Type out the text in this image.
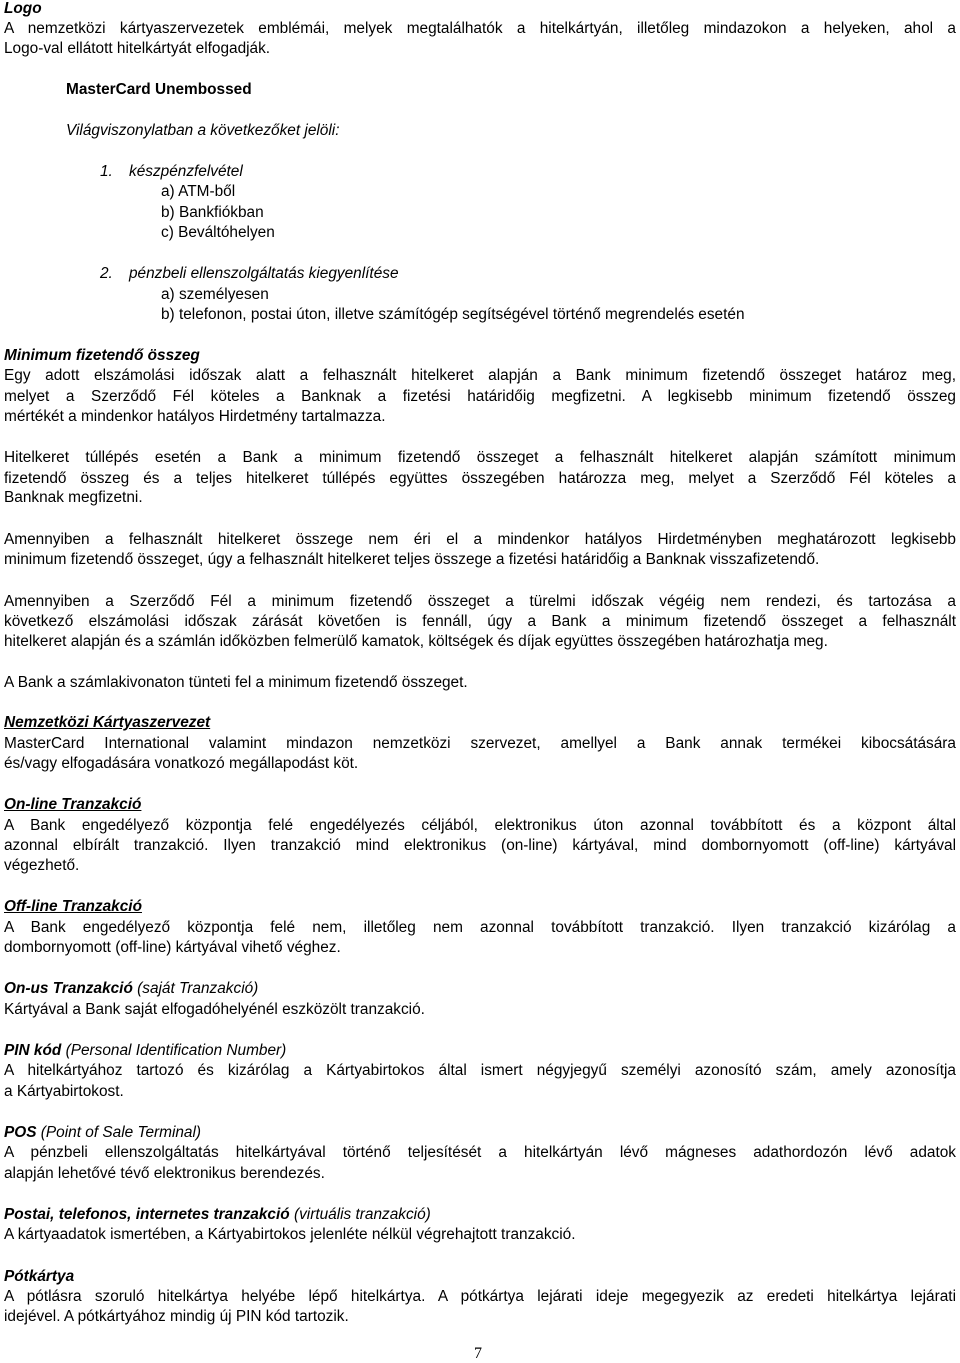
Logo
A nemzetközi kártyaszervezetek emblémái, melyek megtalálhatók a hitelkártyán, illetőleg mindazokon a helyeken, ahol a
Logo-val ellátott hitelkártyát elfogadják.
MasterCard Unembossed
Világviszonylatban a következőket jelöli:
1. készpénzfelvétel
a) ATM-ből
b) Bankfiókban
c) Beváltóhelyen
2. pénzbeli ellenszolgáltatás kiegyenlítése
a) személyesen
b) telefonon, postai úton, illetve számítógép segítségével történő megrendelés esetén
Minimum fizetendő összeg
Egy adott elszámolási időszak alatt a felhasznált hitelkeret alapján a Bank minimum fizetendő összeget határoz meg,
melyet a Szerződő Fél köteles a Banknak a fizetési határidőig megfizetni. A legkisebb minimum fizetendő összeg
mértékét a mindenkor hatályos Hirdetmény tartalmazza.
Hitelkeret túllépés esetén a Bank a minimum fizetendő összeget a felhasznált hitelkeret alapján számított minimum
fizetendő összeg és a teljes hitelkeret túllépés együttes összegében határozza meg, melyet a Szerződő Fél köteles a
Banknak megfizetni.
Amennyiben a felhasznált hitelkeret összege nem éri el a mindenkor hatályos Hirdetményben meghatározott legkisebb
minimum fizetendő összeget, úgy a felhasznált hitelkeret teljes összege a fizetési határidőig a Banknak visszafizetendő.
Amennyiben a Szerződő Fél a minimum fizetendő összeget a türelmi időszak végéig nem rendezi, és tartozása a
következő elszámolási időszak zárását követően is fennáll, úgy a Bank a minimum fizetendő összeget a felhasznált
hitelkeret alapján és a számlán időközben felmerülő kamatok, költségek és díjak együttes összegében határozhatja meg.
A Bank a számlakivonaton tünteti fel a minimum fizetendő összeget.
Nemzetközi Kártyaszervezet
MasterCard International valamint mindazon nemzetközi szervezet, amellyel a Bank annak termékei kibocsátására
és/vagy elfogadására vonatkozó megállapodást köt.
On-line Tranzakció
A Bank engedélyező központja felé engedélyezés céljából, elektronikus úton azonnal továbbított és a központ által
azonnal elbírált tranzakció. Ilyen tranzakció mind elektronikus (on-line) kártyával, mind dombornyomott (off-line) kártyával
végezhető.
Off-line Tranzakció
A Bank engedélyező központja felé nem, illetőleg nem azonnal továbbított tranzakció. Ilyen tranzakció kizárólag a
dombornyomott (off-line) kártyával vihető véghez.
On-us Tranzakció (saját Tranzakció)
Kártyával a Bank saját elfogadóhelyénél eszközölt tranzakció.
PIN kód (Personal Identification Number)
A hitelkártyához tartozó és kizárólag a Kártyabirtokos által ismert négyjegyű személyi azonosító szám, amely azonosítja
a Kártyabirtokost.
POS (Point of Sale Terminal)
A pénzbeli ellenszolgáltatás hitelkártyával történő teljesítését a hitelkártyán lévő mágneses adathordozón lévő adatok
alapján lehetővé tévő elektronikus berendezés.
Postai, telefonos, internetes tranzakció (virtuális tranzakció)
A kártyaadatok ismertében, a Kártyabirtokos jelenléte nélkül végrehajtott tranzakció.
Pótkártya
A pótlásra szoruló hitelkártya helyébe lépő hitelkártya. A pótkártya lejárati ideje megegyezik az eredeti hitelkártya lejárati
idejével. A pótkártyához mindig új PIN kód tartozik.
7
